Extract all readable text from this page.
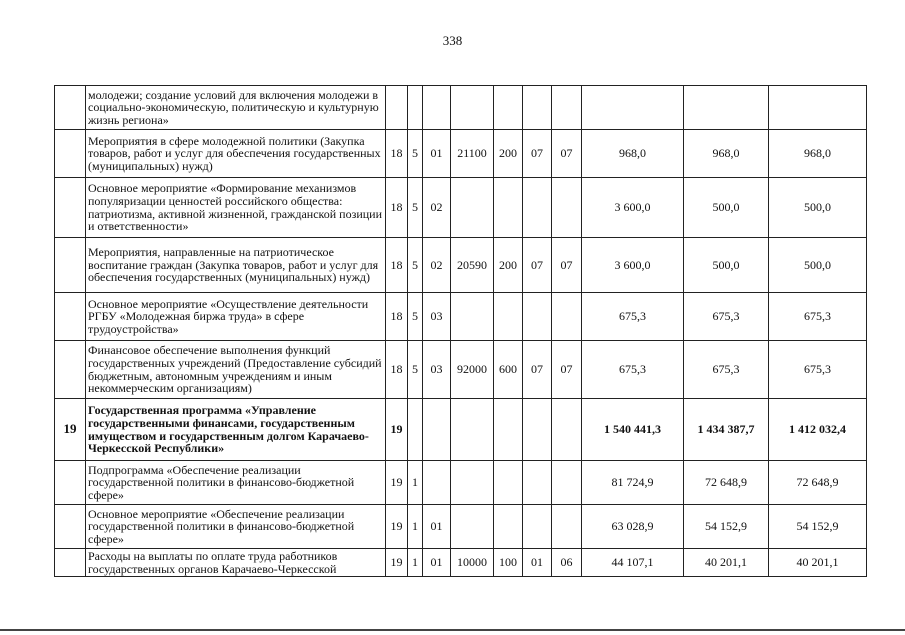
338
	молодежи; создание условий для включения молодежи в социально-экономическую, политическую и культурную жизнь региона»										
	Мероприятия в сфере молодежной политики (Закупка товаров, работ и услуг для обеспечения государственных (муниципальных) нужд)	18	5	01	21100	200	07	07	968,0	968,0	968,0
	Основное мероприятие «Формирование механизмов популяризации ценностей российского общества: патриотизма, активной жизненной, гражданской позиции и ответственности»	18	5	02					3 600,0	500,0	500,0
	Мероприятия, направленные на патриотическое воспитание граждан (Закупка товаров, работ и услуг для обеспечения государственных (муниципальных) нужд)	18	5	02	20590	200	07	07	3 600,0	500,0	500,0
	Основное мероприятие «Осуществление деятельности РГБУ «Молодежная биржа труда» в сфере трудоустройства»	18	5	03					675,3	675,3	675,3
	Финансовое обеспечение выполнения функций государственных учреждений (Предоставление субсидий бюджетным, автономным учреждениям и иным некоммерческим организациям)	18	5	03	92000	600	07	07	675,3	675,3	675,3
19	Государственная программа «Управление государственными финансами, государственным имуществом и государственным долгом Карачаево-Черкесской Республики»	19							1 540 441,3	1 434 387,7	1 412 032,4
	Подпрограмма «Обеспечение реализации государственной политики в финансово-бюджетной сфере»	19	1						81 724,9	72 648,9	72 648,9
	Основное мероприятие «Обеспечение реализации государственной политики в финансово-бюджетной сфере»	19	1	01					63 028,9	54 152,9	54 152,9
	Расходы на выплаты по оплате труда работников государственных органов Карачаево-Черкесской	19	1	01	10000	100	01	06	44 107,1	40 201,1	40 201,1
